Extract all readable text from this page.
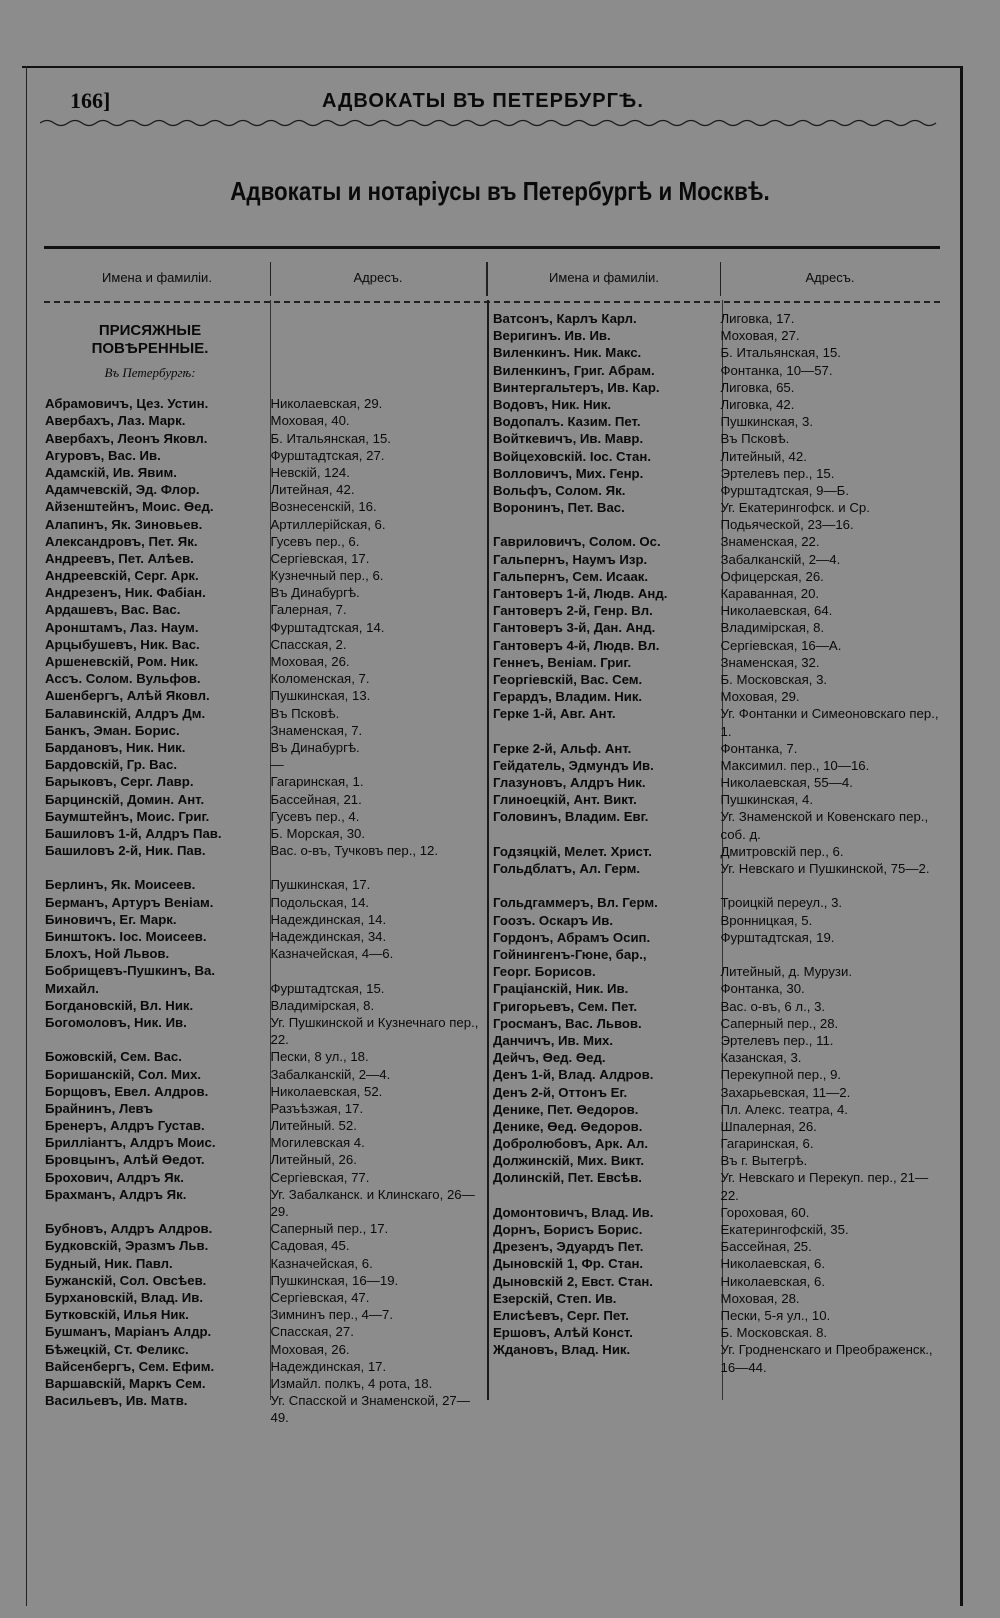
166]	АДВОКАТЫ ВЪ ПЕТЕРБУРГѢ.
Адвокаты и нотаріусы въ Петербургѣ и Москвѣ.
Имена и фамиліи.	Адресъ.	Имена и фамиліи.	Адресъ.
ПРИСЯЖНЫЕ ПОВѢРЕННЫЕ.
Въ Петербургѣ:
Абрамовичъ, Цез. Устин.	Николаевская, 29.
Авербахъ, Лаз. Марк.	Моховая, 40.
Авербахъ, Леонъ Яковл.	Б. Итальянская, 15.
Агуровъ, Вас. Ив.	Фурштадтская, 27.
Адамскій, Ив. Явим.	Невскій, 124.
Адамчевскій, Эд. Флор.	Литейная, 42.
Айзенштейнъ, Моис. Өед.	Вознесенскій, 16.
Алапинъ, Як. Зиновьев.	Артиллерійская, 6.
Александровъ, Пет. Як.	Гусевъ пер., 6.
Андреевъ, Пет. Алѣев.	Сергіевская, 17.
Андреевскій, Серг. Арк.	Кузнечный пер., 6.
Андрезенъ, Ник. Фабіан.	Въ Динабургѣ.
Ардашевъ, Вас. Вас.	Галерная, 7.
Аронштамъ, Лаз. Наум.	Фурштадтская, 14.
Арцыбушевъ, Ник. Вас.	Спасская, 2.
Аршеневскій, Ром. Ник.	Моховая, 26.
Ассъ. Солом. Вульфов.	Коломенская, 7.
Ашенбергъ, Алѣй Яковл.	Пушкинская, 13.
Балавинскій, Алдръ Дм.	Въ Псковѣ.
Банкъ, Эман. Борис.	Знаменская, 7.
Бардановъ, Ник. Ник.	Въ Динабургѣ.
Бардовскій, Гр. Вас.	—
Барыковъ, Серг. Лавр.	Гагаринская, 1.
Барцинскій, Домин. Ант.	Бассейная, 21.
Баумштейнъ, Моис. Григ.	Гусевъ пер., 4.
Башиловъ 1-й, Алдръ Пав.	Б. Морская, 30.
Башиловъ 2-й, Ник. Пав.	Вас. о-въ, Тучковъ пер., 12.
Берлинъ, Як. Моисеев.	Пушкинская, 17.
Берманъ, Артуръ Веніам.	Подольская, 14.
Биновичъ, Ег. Марк.	Надеждинская, 14.
Бинштокъ. Іос. Моисеев.	Надеждинская, 34.
Блохъ, Ной Львов.	Казначейская, 4—6.
Бобрищевъ-Пушкинъ, Ва.
Михайл.	Фурштадтская, 15.
Богдановскій, Вл. Ник.	Владимірская, 8.
Богомоловъ, Ник. Ив.	Уг. Пушкинской и Кузнечнаго пер., 22.
Божовскій, Сем. Вас.	Пески, 8 ул., 18.
Боришанскій, Сол. Мих.	Забалканскій, 2—4.
Борщовъ, Евел. Алдров.	Николаевская, 52.
Брайнинъ, Левъ	Разъѣзжая, 17.
Бренеръ, Алдръ Густав.	Литейный. 52.
Брилліантъ, Алдръ Моис.	Могилевская 4.
Бровцынъ, Алѣй Өедот.	Литейный, 26.
Брохович, Алдръ Як.	Сергіевская, 77.
Брахманъ, Алдръ Як.	Уг. Забалканск. и Клинскаго, 26—29.
Бубновъ, Алдръ Алдров.	Саперный пер., 17.
Будковскій, Эразмъ Льв.	Садовая, 45.
Будный, Ник. Павл.	Казначейская, 6.
Бужанскій, Сол. Овсѣев.	Пушкинская, 16—19.
Бурхановскій, Влад. Ив.	Сергіевская, 47.
Бутковскій, Илья Ник.	Зимнинъ пер., 4—7.
Бушманъ, Маріанъ Алдр.	Спасская, 27.
Бѣжецкій, Ст. Феликс.	Моховая, 26.
Вайсенбергъ, Сем. Ефим.	Надеждинская, 17.
Варшавскій, Маркъ Сем.	Измайл. полкъ, 4 рота, 18.
Васильевъ, Ив. Матв.	Уг. Спасской и Знаменской, 27—49.
Ватсонъ, Карлъ Карл.	Лиговка, 17.
Веригинъ. Ив. Ив.	Моховая, 27.
Виленкинъ. Ник. Макс.	Б. Итальянская, 15.
Виленкинъ, Григ. Абрам.	Фонтанка, 10—57.
Винтергальтеръ, Ив. Кар.	Лиговка, 65.
Водовъ, Ник. Ник.	Лиговка, 42.
Водопалъ. Казим. Пет.	Пушкинская, 3.
Войткевичъ, Ив. Мавр.	Въ Псковѣ.
Войцеховскій. Іос. Стан.	Литейный, 42.
Волловичъ, Мих. Генр.	Эртелевъ пер., 15.
Вольфъ, Солом. Як.	Фурштадтская, 9—Б.
Воронинъ, Пет. Вас.	Уг. Екатерингофск. и Ср. Подьяческой, 23—16.
Гавриловичъ, Солом. Ос.	Знаменская, 22.
Гальпернъ, Наумъ Изр.	Забалканскій, 2—4.
Гальпернъ, Сем. Исаак.	Офицерская, 26.
Гантоверъ 1-й, Людв. Анд.	Караванная, 20.
Гантоверъ 2-й, Генр. Вл.	Николаевская, 64.
Гантоверъ 3-й, Дан. Анд.	Владимірская, 8.
Гантоверъ 4-й, Людв. Вл.	Сергіевская, 16—А.
Геннеъ, Веніам. Григ.	Знаменская, 32.
Георгіевскій, Вас. Сем.	Б. Московская, 3.
Герардъ, Владим. Ник.	Моховая, 29.
Герке 1-й, Авг. Ант.	Уг. Фонтанки и Симеоновскаго пер., 1.
Герке 2-й, Альф. Ант.	Фонтанка, 7.
Гейдатель, Эдмундъ Ив.	Максимил. пер., 10—16.
Глазуновъ, Алдръ Ник.	Николаевская, 55—4.
Глиноецкій, Ант. Викт.	Пушкинская, 4.
Головинъ, Владим. Евг.	Уг. Знаменской и Ковенскаго пер., соб. д.
Годзяцкій, Мелет. Христ.	Дмитровскій пер., 6.
Гольдблатъ, Ал. Герм.	Уг. Невскаго и Пушкинской, 75—2.
Гольдгаммеръ, Вл. Герм.	Троицкій переул., 3.
Гоозъ. Оскаръ Ив.	Вронницкая, 5.
Гордонъ, Абрамъ Осип.	Фурштадтская, 19.
Гойнингенъ-Гюне, бар.,
Георг. Борисов.	Литейный, д. Мурузи.
Граціанскій, Ник. Ив.	Фонтанка, 30.
Григорьевъ, Сем. Пет.	Вас. о-въ, 6 л., 3.
Гросманъ, Вас. Львов.	Саперный пер., 28.
Данчичъ, Ив. Мих.	Эртелевъ пер., 11.
Дейчъ, Өед. Өед.	Казанская, 3.
Денъ 1-й, Влад. Алдров.	Перекупной пер., 9.
Денъ 2-й, Оттонъ Ег.	Захарьевская, 11—2.
Денике, Пет. Өедоров.	Пл. Алекс. театра, 4.
Денике, Өед. Өедоров.	Шпалерная, 26.
Добролюбовъ, Арк. Ал.	Гагаринская, 6.
Должинскій, Мих. Викт.	Въ г. Вытегрѣ.
Долинскій, Пет. Евсѣв.	Уг. Невскаго и Перекуп. пер., 21—22.
Домонтовичъ, Влад. Ив.	Гороховая, 60.
Дорнъ, Борисъ Борис.	Екатерингофскій, 35.
Дрезенъ, Эдуардъ Пет.	Бассейная, 25.
Дыновскій 1, Фр. Стан.	Николаевская, 6.
Дыновскій 2, Евст. Стан.	Николаевская, 6.
Езерскій, Степ. Ив.	Моховая, 28.
Елисѣевъ, Серг. Пет.	Пески, 5-я ул., 10.
Ершовъ, Алѣй Конст.	Б. Московская. 8.
Ждановъ, Влад. Ник.	Уг. Гродненскаго и Преображенск., 16—44.
